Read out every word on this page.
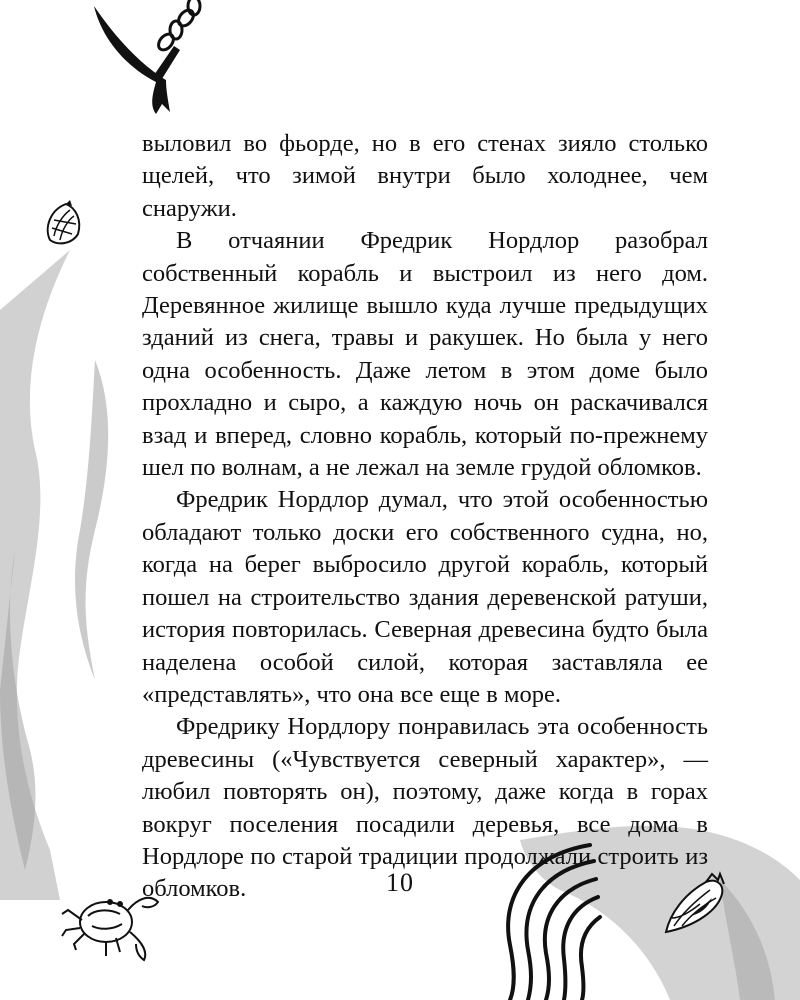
выловил во фьорде, но в его стенах зияло столько щелей, что зимой внутри было холоднее, чем снаружи.

В отчаянии Фредрик Нордлор разобрал собственный корабль и выстроил из него дом. Деревянное жилище вышло куда лучше предыдущих зданий из снега, травы и ракушек. Но была у него одна особенность. Даже летом в этом доме было прохладно и сыро, а каждую ночь он раскачивался взад и вперед, словно корабль, который по-прежнему шел по волнам, а не лежал на земле грудой обломков.

Фредрик Нордлор думал, что этой особенностью обладают только доски его собственного судна, но, когда на берег выбросило другой корабль, который пошел на строительство здания деревенской ратуши, история повторилась. Северная древесина будто была наделена особой силой, которая заставляла ее «представлять», что она все еще в море.

Фредрику Нордлору понравилась эта особенность древесины («Чувствуется северный характер», — любил повторять он), поэтому, даже когда в горах вокруг поселения посадили деревья, все дома в Нордлоре по старой традиции продолжали строить из обломков.	10
